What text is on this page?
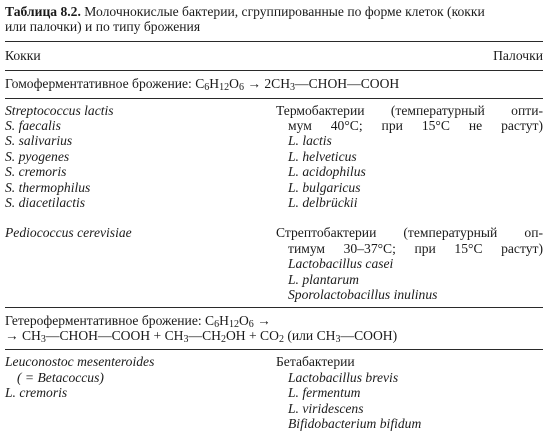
Таблица 8.2. Молочнокислые бактерии, сгруппированные по форме клеток (кокки
или палочки) и по типу брожения
Кокки	Палочки
Гомоферментативное брожение: $C_6H_{12}O_6$ → $2CH_3—CHOH—COOH$
Streptococcus lactis
S. faecalis
S. salivarius
S. pyogenes
S. cremoris
S. thermophilus
S. diacetilactis
Термобактерии (температурный опти-
мум 40°C; при 15°C не растут)
L. lactis
L. helveticus
L. acidophilus
L. bulgaricus
L. delbrückii
Pediococcus cerevisiae	Стрептобактерии (температурный оп-
тимум 30–37°C; при 15°C растут)
Lactobacillus casei
L. plantarum
Sporolactobacillus inulinus
Гетероферментативное брожение: $C_6H_{12}O_6$ →
→ $CH_3—CHOH—COOH$ + $CH_3—CH_2OH + CO_2$ (или $CH_3—COOH$)
Leuconostoc mesenteroides
( = Betacoccus)
L. cremoris
Бетабактерии
Lactobacillus brevis
L. fermentum
L. viridescens
Bifidobacterium bifidum
